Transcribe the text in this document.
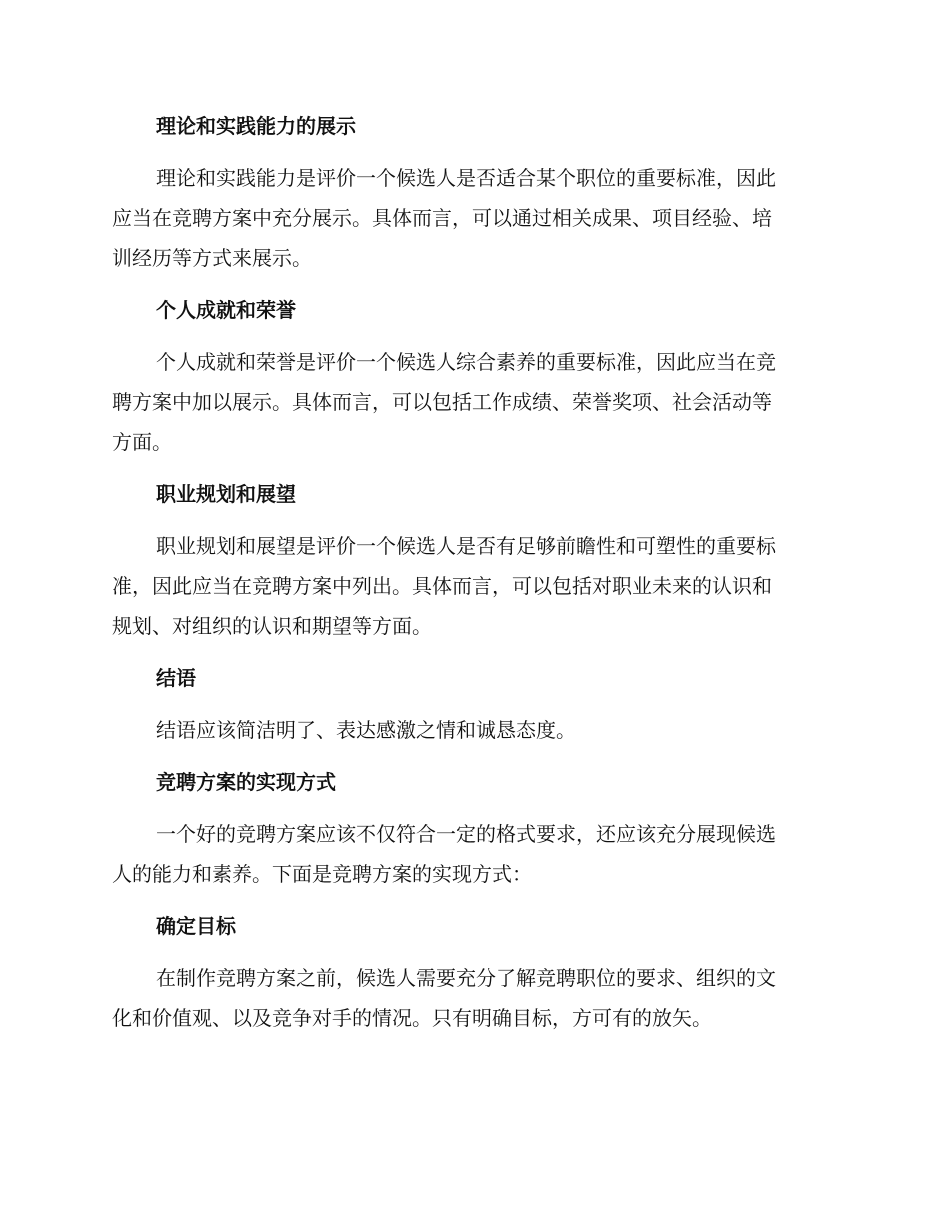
理论和实践能力的展示

理论和实践能力是评价一个候选人是否适合某个职位的重要标准，因此
应当在竞聘方案中充分展示。具体而言，可以通过相关成果、项目经验、培
训经历等方式来展示。

个人成就和荣誉

个人成就和荣誉是评价一个候选人综合素养的重要标准，因此应当在竞
聘方案中加以展示。具体而言，可以包括工作成绩、荣誉奖项、社会活动等
方面。

职业规划和展望

职业规划和展望是评价一个候选人是否有足够前瞻性和可塑性的重要标
准，因此应当在竞聘方案中列出。具体而言，可以包括对职业未来的认识和
规划、对组织的认识和期望等方面。

结语

结语应该简洁明了、表达感激之情和诚恳态度。

竞聘方案的实现方式

一个好的竞聘方案应该不仅符合一定的格式要求，还应该充分展现候选
人的能力和素养。下面是竞聘方案的实现方式：

确定目标

在制作竞聘方案之前，候选人需要充分了解竞聘职位的要求、组织的文
化和价值观、以及竞争对手的情况。只有明确目标，方可有的放矢。
